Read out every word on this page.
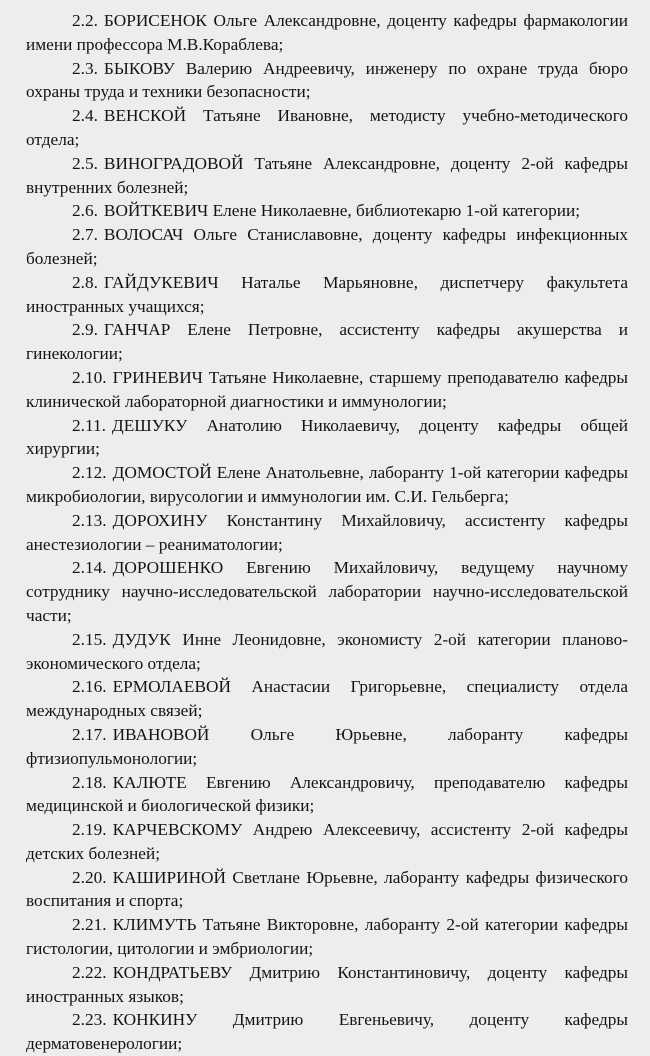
2.2. БОРИСЕНОК Ольге Александровне, доценту кафедры фармакологии имени профессора М.В.Кораблева;

2.3. БЫКОВУ Валерию Андреевичу, инженеру по охране труда бюро охраны труда и техники безопасности;

2.4. ВЕНСКОЙ Татьяне Ивановне, методисту учебно-методического отдела;

2.5. ВИНОГРАДОВОЙ Татьяне Александровне, доценту 2-ой кафедры внутренних болезней;

2.6. ВОЙТКЕВИЧ Елене Николаевне, библиотекарю 1-ой категории;

2.7. ВОЛОСАЧ Ольге Станиславовне, доценту кафедры инфекционных болезней;

2.8. ГАЙДУКЕВИЧ Наталье Марьяновне, диспетчеру факультета иностранных учащихся;

2.9. ГАНЧАР Елене Петровне, ассистенту кафедры акушерства и гинекологии;

2.10. ГРИНЕВИЧ Татьяне Николаевне, старшему преподавателю кафедры клинической лабораторной диагностики и иммунологии;

2.11. ДЕШУКУ Анатолию Николаевичу, доценту кафедры общей хирургии;

2.12. ДОМОСТОЙ Елене Анатольевне, лаборанту 1-ой категории кафедры микробиологии, вирусологии и иммунологии им. С.И. Гельберга;

2.13. ДОРОХИНУ Константину Михайловичу, ассистенту кафедры анестезиологии – реаниматологии;

2.14. ДОРОШЕНКО Евгению Михайловичу, ведущему научному сотруднику научно-исследовательской лаборатории научно-исследовательской части;

2.15. ДУДУК Инне Леонидовне, экономисту 2-ой категории планово-экономического отдела;

2.16. ЕРМОЛАЕВОЙ Анастасии Григорьевне, специалисту отдела международных связей;

2.17. ИВАНОВОЙ Ольге Юрьевне, лаборанту кафедры фтизиопульмонологии;

2.18. КАЛЮТЕ Евгению Александровичу, преподавателю кафедры медицинской и биологической физики;

2.19. КАРЧЕВСКОМУ Андрею Алексеевичу, ассистенту 2-ой кафедры детских болезней;

2.20. КАШИРИНОЙ Светлане Юрьевне, лаборанту кафедры физического воспитания и спорта;

2.21. КЛИМУТЬ Татьяне Викторовне, лаборанту 2-ой категории кафедры гистологии, цитологии и эмбриологии;

2.22. КОНДРАТЬЕВУ Дмитрию Константиновичу, доценту кафедры иностранных языков;

2.23. КОНКИНУ Дмитрию Евгеньевичу, доценту кафедры дерматовенерологии;
